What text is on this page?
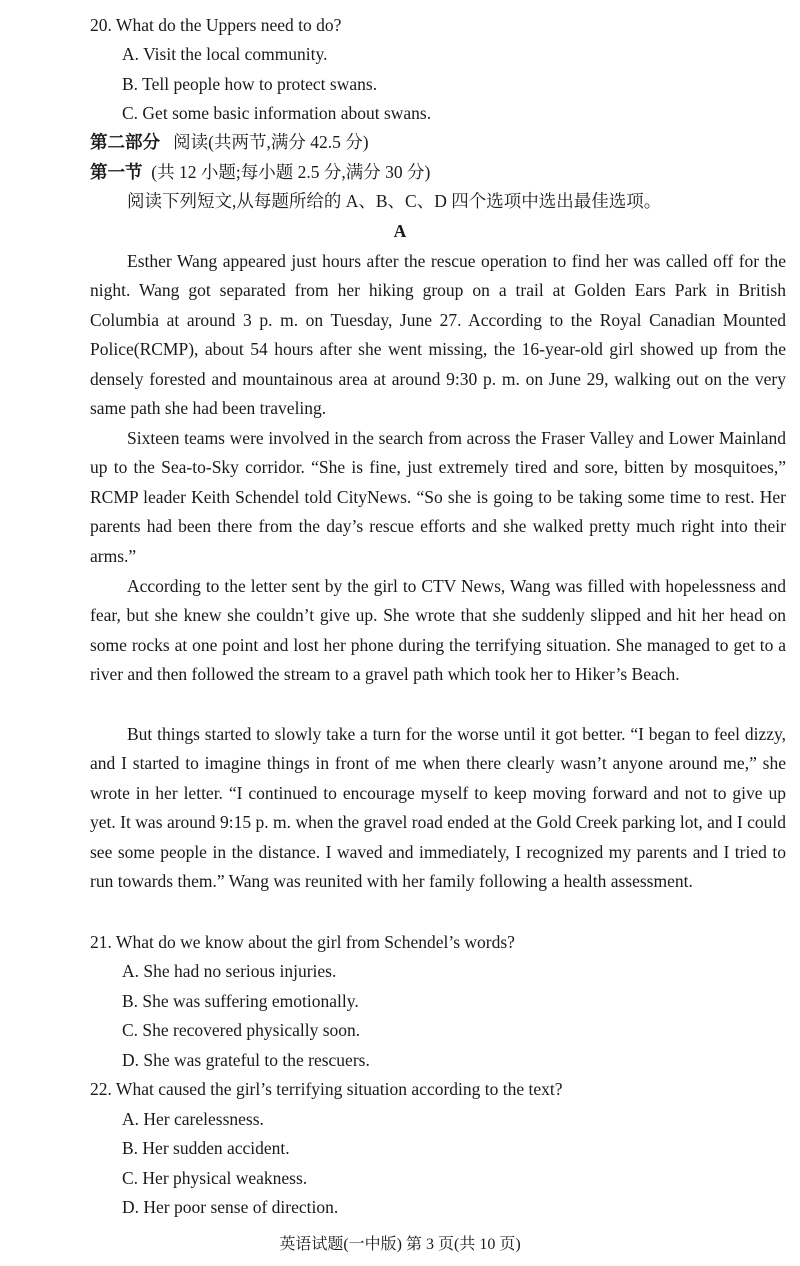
20. What do the Uppers need to do?
A. Visit the local community.
B. Tell people how to protect swans.
C. Get some basic information about swans.
第二部分 阅读(共两节,满分 42.5 分)
第一节 (共 12 小题;每小题 2.5 分,满分 30 分)
阅读下列短文,从每题所给的 A、B、C、D 四个选项中选出最佳选项。
A
Esther Wang appeared just hours after the rescue operation to find her was called off for the night. Wang got separated from her hiking group on a trail at Golden Ears Park in British Columbia at around 3 p. m. on Tuesday, June 27. According to the Royal Canadian Mounted Police(RCMP), about 54 hours after she went missing, the 16-year-old girl showed up from the densely forested and mountainous area at around 9:30 p. m. on June 29, walking out on the very same path she had been traveling.
Sixteen teams were involved in the search from across the Fraser Valley and Lower Mainland up to the Sea-to-Sky corridor. “She is fine, just extremely tired and sore, bitten by mosquitoes,” RCMP leader Keith Schendel told CityNews. “So she is going to be taking some time to rest. Her parents had been there from the day’s rescue efforts and she walked pretty much right into their arms.”
According to the letter sent by the girl to CTV News, Wang was filled with hopelessness and fear, but she knew she couldn’t give up. She wrote that she suddenly slipped and hit her head on some rocks at one point and lost her phone during the terrifying situation. She managed to get to a river and then followed the stream to a gravel path which took her to Hiker’s Beach.
But things started to slowly take a turn for the worse until it got better. “I began to feel dizzy, and I started to imagine things in front of me when there clearly wasn’t anyone around me,” she wrote in her letter. “I continued to encourage myself to keep moving forward and not to give up yet. It was around 9:15 p. m. when the gravel road ended at the Gold Creek parking lot, and I could see some people in the distance. I waved and immediately, I recognized my parents and I tried to run towards them.” Wang was reunited with her family following a health assessment.
21. What do we know about the girl from Schendel’s words?
A. She had no serious injuries.
B. She was suffering emotionally.
C. She recovered physically soon.
D. She was grateful to the rescuers.
22. What caused the girl’s terrifying situation according to the text?
A. Her carelessness.
B. Her sudden accident.
C. Her physical weakness.
D. Her poor sense of direction.
英语试题(一中版) 第 3 页(共 10 页)
